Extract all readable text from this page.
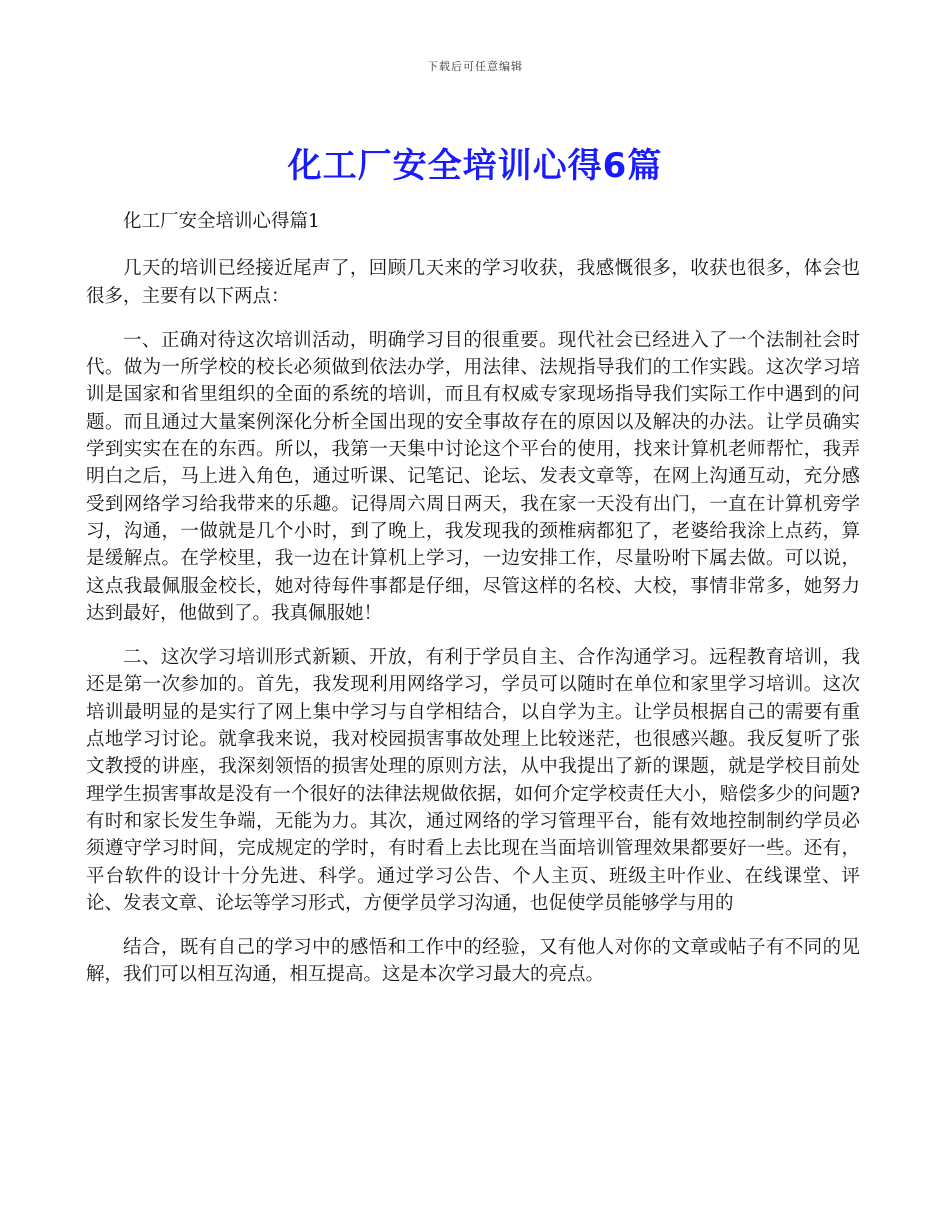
下载后可任意编辑
化工厂安全培训心得6篇

化工厂安全培训心得篇1

几天的培训已经接近尾声了，回顾几天来的学习收获，我感慨很多，收获也很多，体会也很多，主要有以下两点：

一、正确对待这次培训活动，明确学习目的很重要。现代社会已经进入了一个法制社会时代。做为一所学校的校长必须做到依法办学，用法律、法规指导我们的工作实践。这次学习培训是国家和省里组织的全面的系统的培训，而且有权威专家现场指导我们实际工作中遇到的问题。而且通过大量案例深化分析全国出现的安全事故存在的原因以及解决的办法。让学员确实学到实实在在的东西。所以，我第一天集中讨论这个平台的使用，找来计算机老师帮忙，我弄明白之后，马上进入角色，通过听课、记笔记、论坛、发表文章等，在网上沟通互动，充分感受到网络学习给我带来的乐趣。记得周六周日两天，我在家一天没有出门，一直在计算机旁学习，沟通，一做就是几个小时，到了晚上，我发现我的颈椎病都犯了，老婆给我涂上点药，算是缓解点。在学校里，我一边在计算机上学习，一边安排工作，尽量吩咐下属去做。可以说，这点我最佩服金校长，她对待每件事都是仔细，尽管这样的名校、大校，事情非常多，她努力达到最好，他做到了。我真佩服她！

二、这次学习培训形式新颖、开放，有利于学员自主、合作沟通学习。远程教育培训，我还是第一次参加的。首先，我发现利用网络学习，学员可以随时在单位和家里学习培训。这次培训最明显的是实行了网上集中学习与自学相结合，以自学为主。让学员根据自己的需要有重点地学习讨论。就拿我来说，我对校园损害事故处理上比较迷茫，也很感兴趣。我反复听了张文教授的讲座，我深刻领悟的损害处理的原则方法，从中我提出了新的课题，就是学校目前处理学生损害事故是没有一个很好的法律法规做依据，如何介定学校责任大小，赔偿多少的问题?有时和家长发生争端，无能为力。其次，通过网络的学习管理平台，能有效地控制制约学员必须遵守学习时间，完成规定的学时，有时看上去比现在当面培训管理效果都要好一些。还有，平台软件的设计十分先进、科学。通过学习公告、个人主页、班级主叶作业、在线课堂、评论、发表文章、论坛等学习形式，方便学员学习沟通，也促使学员能够学与用的

结合，既有自己的学习中的感悟和工作中的经验，又有他人对你的文章或帖子有不同的见解，我们可以相互沟通，相互提高。这是本次学习最大的亮点。
